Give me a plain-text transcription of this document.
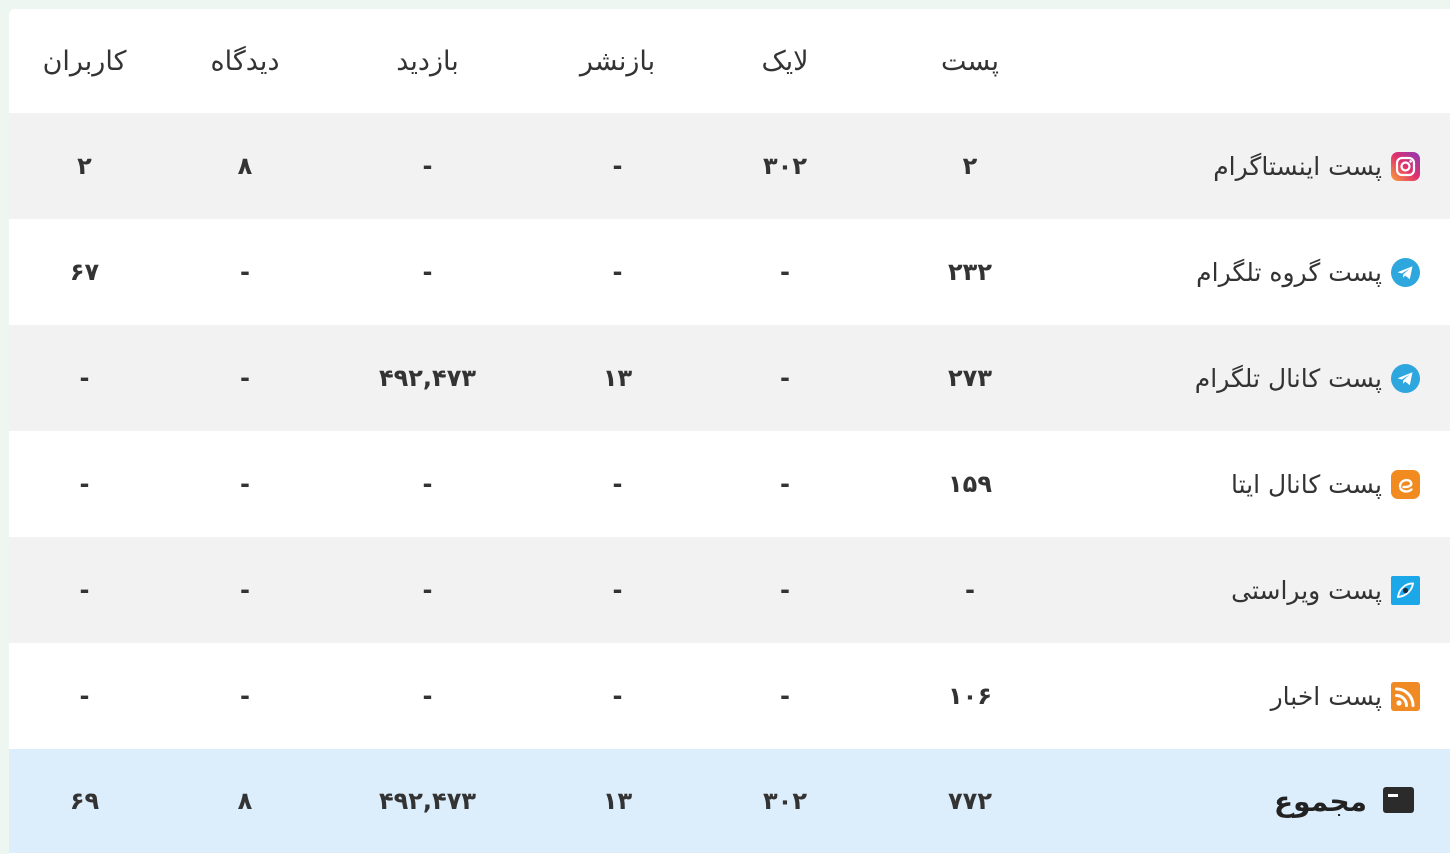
کاربران	دیدگاه	بازدید	بازنشر	لایک	پست	
۲	۸	-	-	۳۰۲	۲	پست اینستاگرام

۶۷	-	-	-	-	۲۳۲	پست گروه تلگرام

-	-	۴۹۲,۴۷۳	۱۳	-	۲۷۳	پست کانال تلگرام

-	-	-	-	-	۱۵۹	پست کانال ایتا

-	-	-	-	-	-	پست ویراستی

-	-	-	-	-	۱۰۶	پست اخبار

۶۹	۸	۴۹۲,۴۷۳	۱۳	۳۰۲	۷۷۲	مجموع
